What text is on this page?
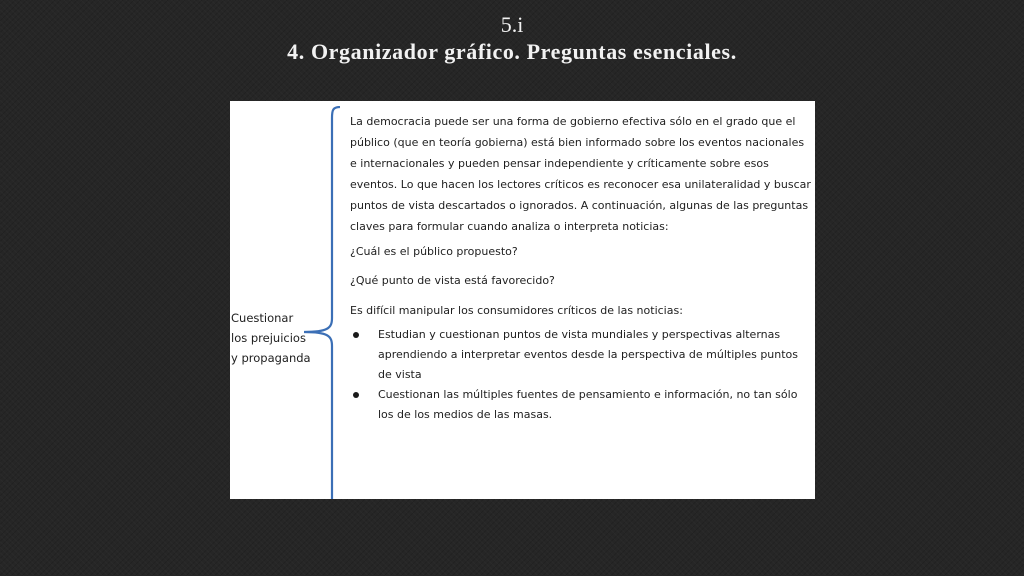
5.i
4. Organizador gráfico. Preguntas esenciales.
Cuestionar
los prejuicios
y propaganda

La democracia puede ser una forma de gobierno efectiva sólo en el grado que el público (que en teoría gobierna) está bien informado sobre los eventos nacionales e internacionales y pueden pensar independiente y críticamente sobre esos eventos. Lo que hacen los lectores críticos es reconocer esa unilateralidad y buscar puntos de vista descartados o ignorados. A continuación, algunas de las preguntas claves para formular cuando analiza o interpreta noticias:

¿Cuál es el público propuesto?

¿Qué punto de vista está favorecido?

Es difícil manipular los consumidores críticos de las noticias:

Estudian y cuestionan puntos de vista mundiales y perspectivas alternas aprendiendo a interpretar eventos desde la perspectiva de múltiples puntos de vista
Cuestionan las múltiples fuentes de pensamiento e información, no tan sólo los de los medios de las masas.
